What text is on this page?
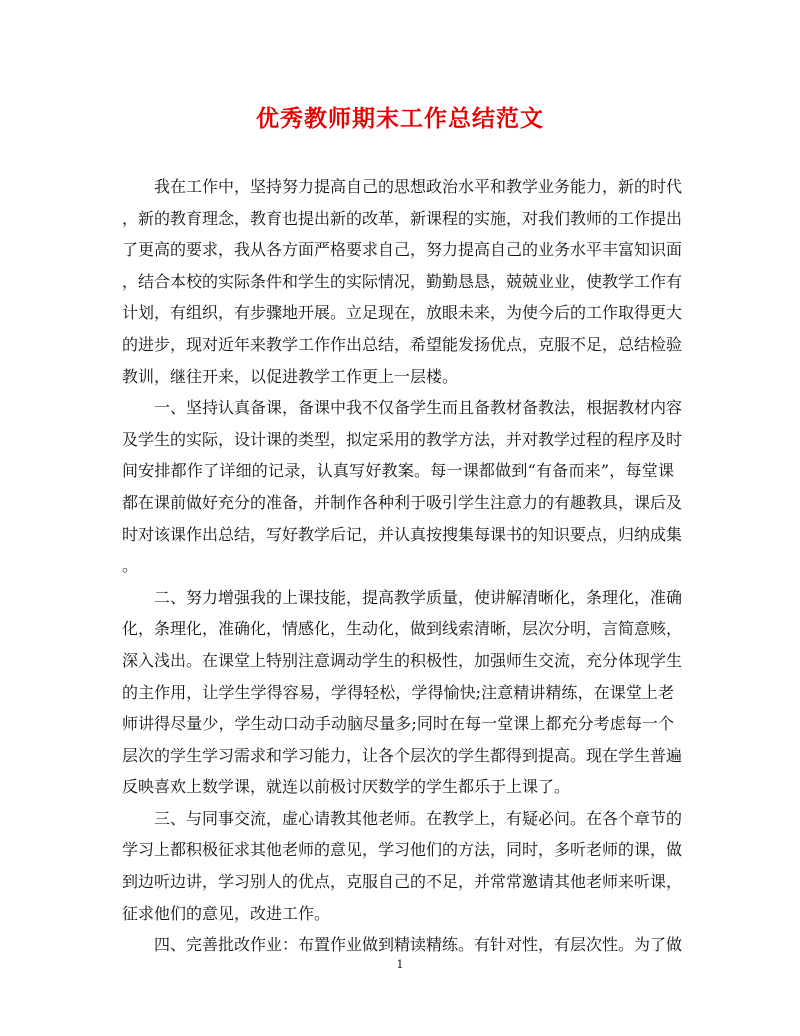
优秀教师期末工作总结范文
我在工作中，坚持努力提高自己的思想政治水平和教学业务能力，新的时代
，新的教育理念，教育也提出新的改革，新课程的实施，对我们教师的工作提出
了更高的要求，我从各方面严格要求自己，努力提高自己的业务水平丰富知识面
，结合本校的实际条件和学生的实际情况，勤勤恳恳，兢兢业业，使教学工作有
计划，有组织，有步骤地开展。立足现在，放眼未来，为使今后的工作取得更大
的进步，现对近年来教学工作作出总结，希望能发扬优点，克服不足，总结检验
教训，继往开来，以促进教学工作更上一层楼。
一、坚持认真备课，备课中我不仅备学生而且备教材备教法，根据教材内容
及学生的实际，设计课的类型，拟定采用的教学方法，并对教学过程的程序及时
间安排都作了详细的记录，认真写好教案。每一课都做到“有备而来”，每堂课
都在课前做好充分的准备，并制作各种利于吸引学生注意力的有趣教具，课后及
时对该课作出总结，写好教学后记，并认真按搜集每课书的知识要点，归纳成集
。
二、努力增强我的上课技能，提高教学质量，使讲解清晰化，条理化，准确
化，条理化，准确化，情感化，生动化，做到线索清晰，层次分明，言简意赅，
深入浅出。在课堂上特别注意调动学生的积极性，加强师生交流，充分体现学生
的主作用，让学生学得容易，学得轻松，学得愉快;注意精讲精练，在课堂上老
师讲得尽量少，学生动口动手动脑尽量多;同时在每一堂课上都充分考虑每一个
层次的学生学习需求和学习能力，让各个层次的学生都得到提高。现在学生普遍
反映喜欢上数学课，就连以前极讨厌数学的学生都乐于上课了。
三、与同事交流，虚心请教其他老师。在教学上，有疑必问。在各个章节的
学习上都积极征求其他老师的意见，学习他们的方法，同时，多听老师的课，做
到边听边讲，学习别人的优点，克服自己的不足，并常常邀请其他老师来听课，
征求他们的意见，改进工作。
四、完善批改作业：布置作业做到精读精练。有针对性，有层次性。为了做
1
